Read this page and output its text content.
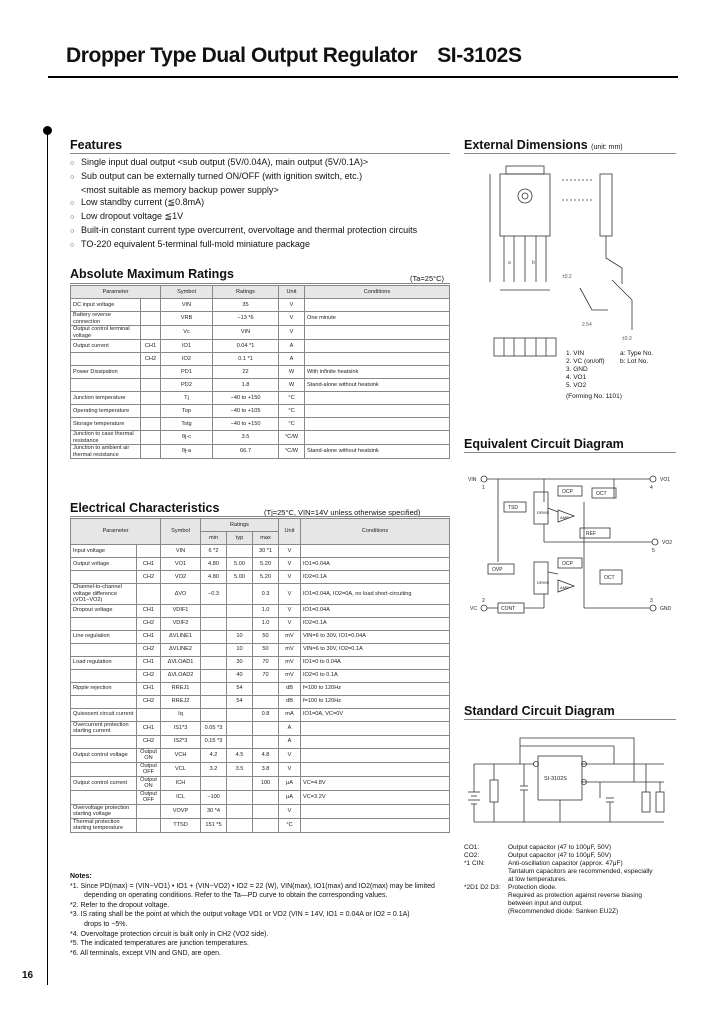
Dropper Type Dual Output Regulator SI-3102S
Features
○ Single input dual output <sub output (5V/0.04A), main output (5V/0.1A)>
○ Sub output can be externally turned ON/OFF (with ignition switch, etc.)
<most suitable as memory backup power supply>
○ Low standby current (≦0.8mA)
○ Low dropout voltage ≦1V
○ Built-in constant current type overcurrent, overvoltage and thermal protection circuits
○ TO-220 equivalent 5-terminal full-mold miniature package
Absolute Maximum Ratings	(Ta=25°C)
Parameter		Symbol	Ratings	Unit	Conditions
DC input voltage		VIN	35	V	
Battery reverse connection		VRB	−13 *6	V	One minute
Output control terminal voltage		Vc	VIN	V	
Output current	CH1	IO1	0.04 *1	A	
	CH2	IO2	0.1 *1	A	
Power Dissipation		PD1	22	W	With infinite heatsink
		PD2	1.8	W	Stand-alone without heatsink
Junction temperature		Tj	−40 to +150	°C	
Operating temperature		Top	−40 to +105	°C	
Storage temperature		Tstg	−40 to +150	°C	
Junction to case thermal resistance		θj-c	3.5	°C/W	
Junction to ambient air thermal resistance		θj-a	66.7	°C/W	Stand-alone without heatsink
Electrical Characteristics	(Tj=25°C, VIN=14V unless otherwise specified)
Parameter		Symbol	Ratings			Unit	Conditions
			min	typ	max		
Input voltage		VIN	6 *2		30 *1	V	
Output voltage	CH1	VO1	4.80	5.00	5.20	V	IO1=0.04A
	CH2	VO2	4.80	5.00	5.20	V	IO2=0.1A
Channel-to-channel voltage difference (VO1−VO2)		ΔVO	−0.3		0.3	V	IO1=0.04A, IO2=0A, no load short-circuiting
Dropout voltage	CH1	VDIF1			1.0	V	IO1=0.04A
	CH2	VDIF2			1.0	V	IO2=0.1A
Line regulation	CH1	ΔVLINE1		10	50	mV	VIN=6 to 30V, IO1=0.04A
	CH2	ΔVLINE2		10	50	mV	VIN=6 to 30V, IO2=0.1A
Load regulation	CH1	ΔVLOAD1		30	70	mV	IO1=0 to 0.04A
	CH2	ΔVLOAD2		40	70	mV	IO2=0 to 0.1A
Ripple rejection	CH1	RREJ1		54		dB	f=100 to 120Hz
	CH2	RREJ2		54		dB	f=100 to 120Hz
Quiescent circuit current		Iq			0.8	mA	IO1=0A, VC=0V
Overcurrent protection starting current	CH1	IS1*3	0.05 *3			A	
	CH2	IS2*3	0.15 *3			A	
Output control voltage	Output ON	VCH	4.2	4.5	4.8	V	
	Output OFF	VCL	3.2	3.5	3.8	V	
Output control current	Output ON	ICH			100	μA	VC=4.8V
	Output OFF	ICL	−100			μA	VC=3.2V
Overvoltage protection starting voltage		VOVP	30 *4			V	
Thermal protection starting temperature		TTSD	151 *5			°C	
Notes:
*1. Since PD(max) = (VIN−VO1) • IO1 + (VIN−VO2) • IO2 = 22 (W), VIN(max), IO1(max) and IO2(max) may be limited
depending on operating conditions. Refer to the Ta—PD curve to obtain the corresponding values.
*2. Refer to the dropout voltage.
*3. IS rating shall be the point at which the output voltage VO1 or VO2 (VIN = 14V, IO1 = 0.04A or IO2 = 0.1A)
drops to −5%.
*4. Overvoltage protection circuit is built only in CH2 (VO2 side).
*5. The indicated temperatures are junction temperatures.
*6. All terminals, except VIN and GND, are open.
External Dimensions (unit: mm)
a	b
±0.2
±0.3
2.54
1. VIN
2. VC (on/off)
3. GND
4. VO1
5. VO2
a: Type No.
b: Lot No.
(Forming No. 1101)
Equivalent Circuit Diagram
VIN	VO1
VO2
VC	GND
TSD
DRIVE
OCP	OCT
REF
OVP
OCP
OCT
CONT
DRIVE
AMP
AMP
1	4
5
2	3
Standard Circuit Diagram
SI-3102S
CO1:	Output capacitor (47 to 100μF, 50V)
CO2:	Output capacitor (47 to 100μF, 50V)
*1 CIN:	Anti-oscillation capacitor (approx. 47μF)
Tantalum capacitors are recommended, especially
at low temperatures.
*2D1 D2 D3: Protection diode.
Required as protection against reverse biasing
between input and output.
(Recommended diode: Sanken EU2Z)
16
